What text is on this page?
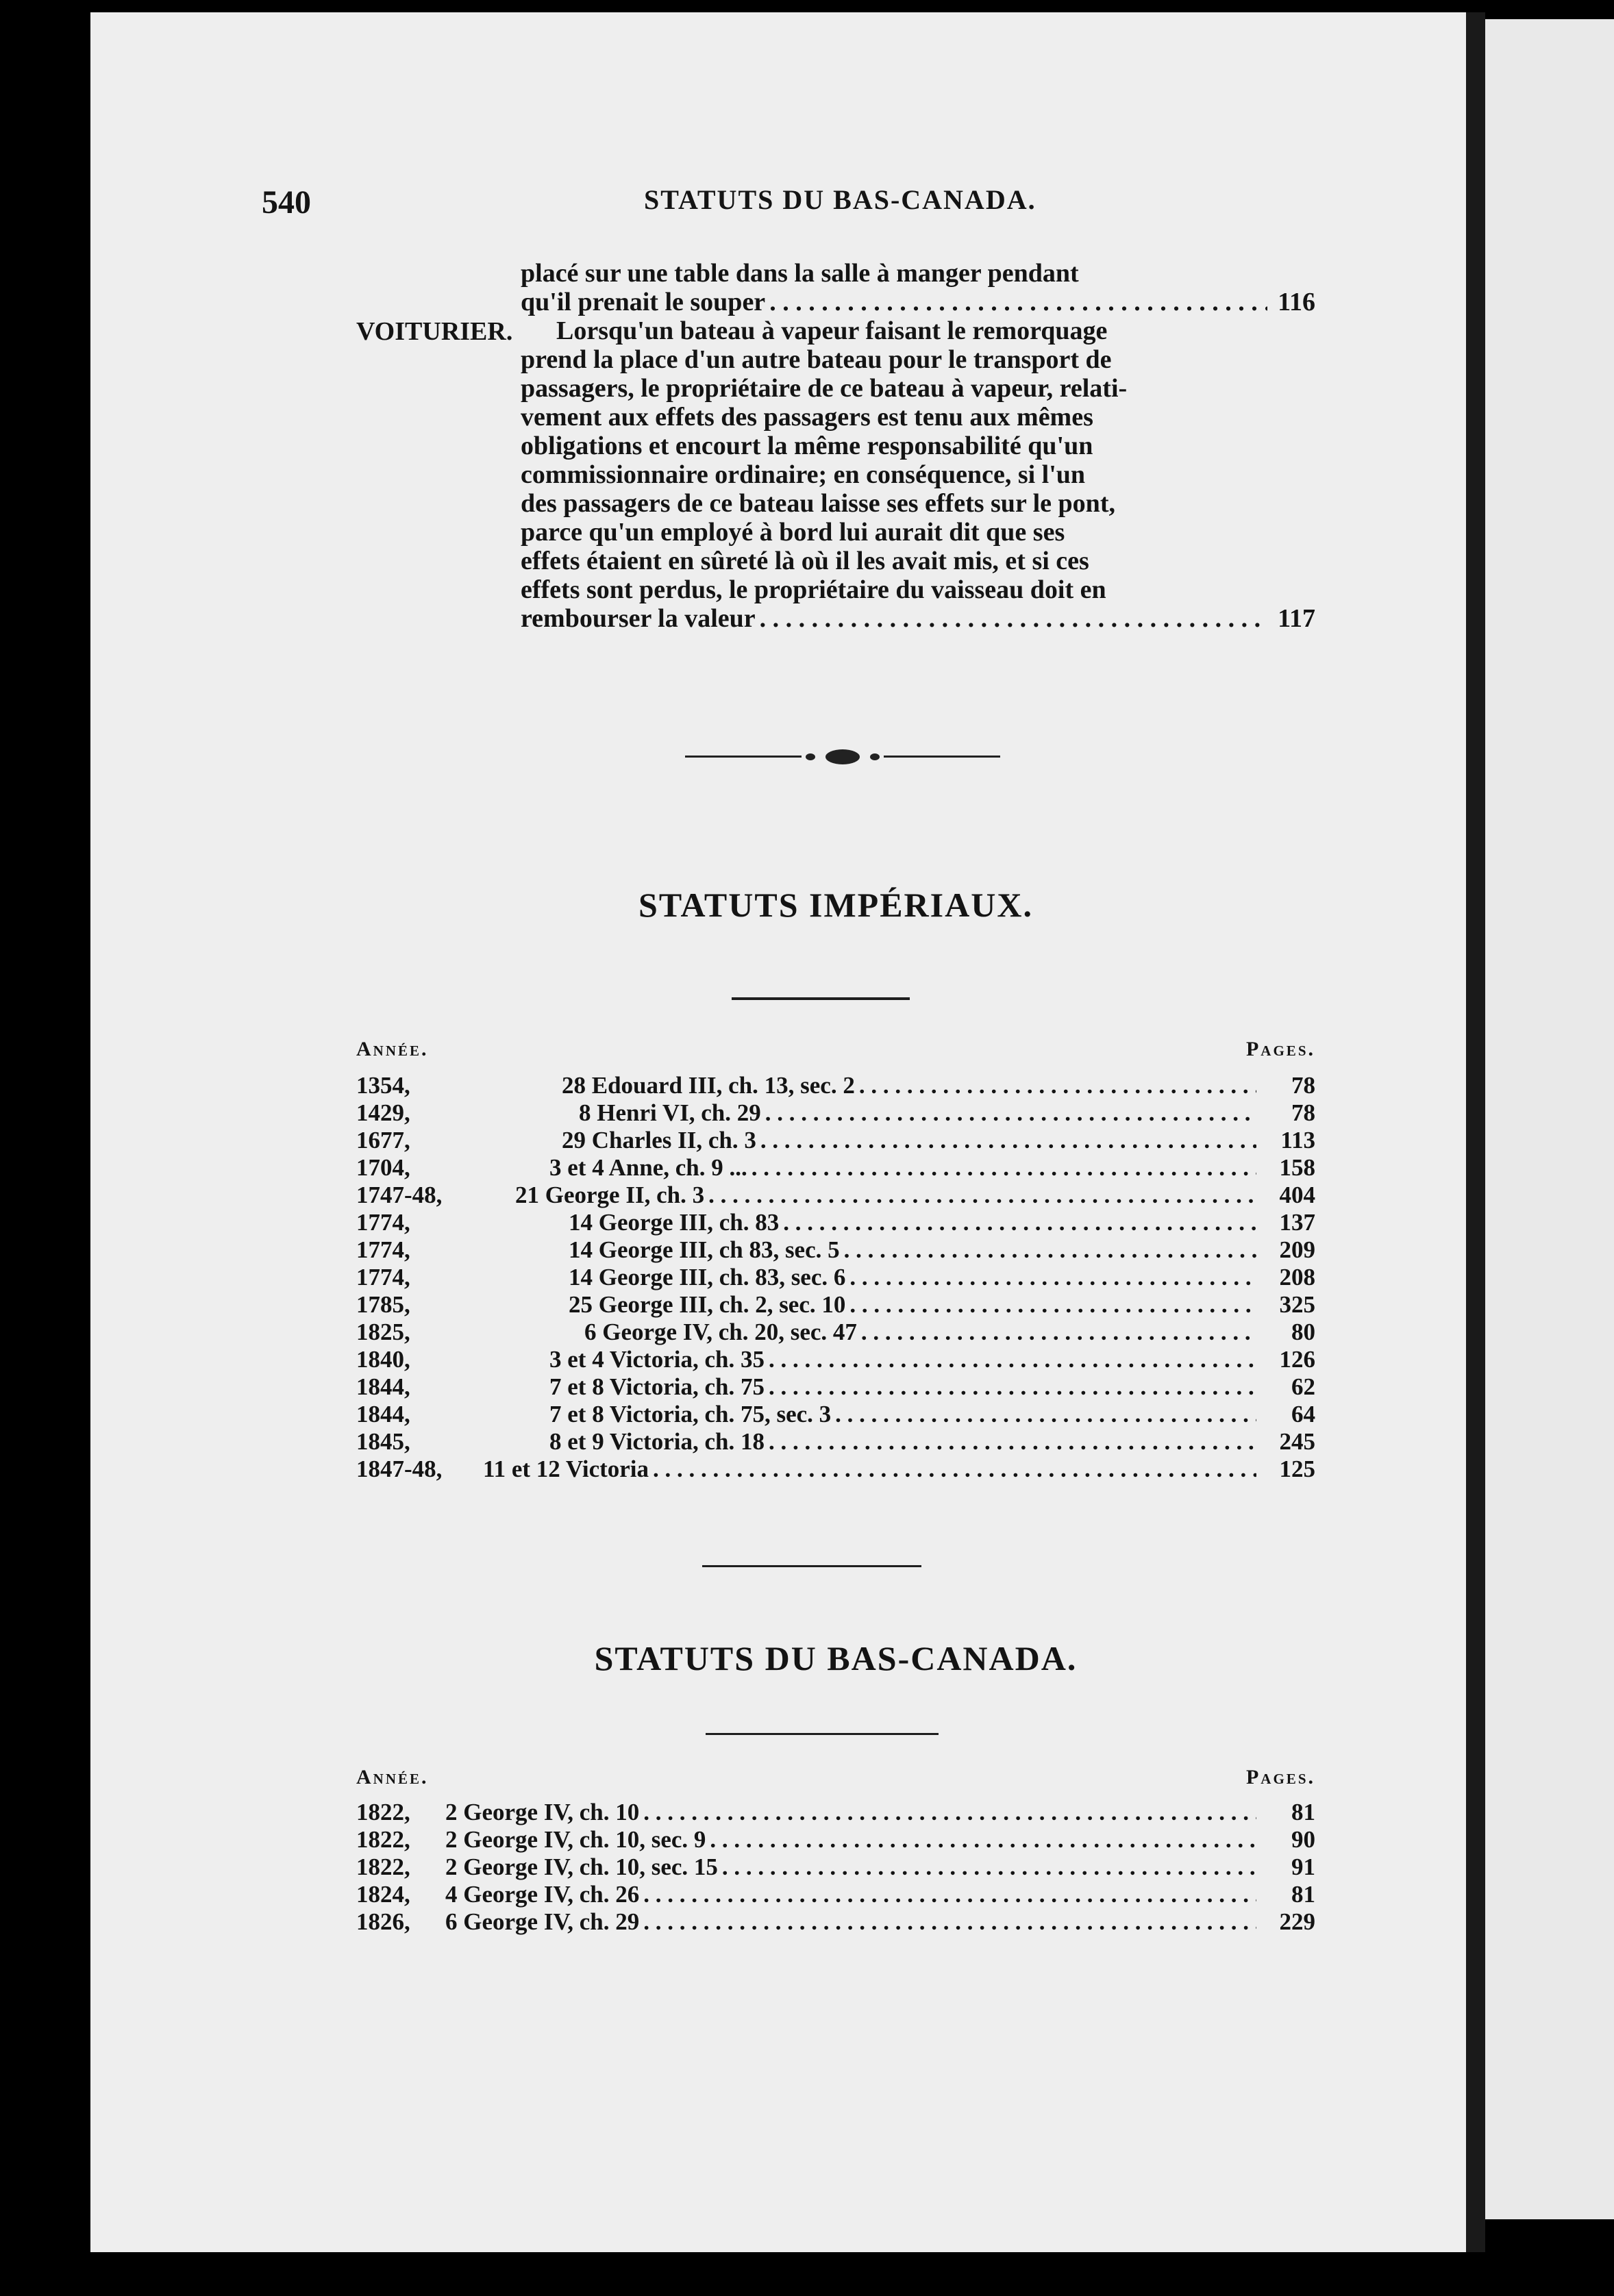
540	STATUTS DU BAS-CANADA.
placé sur une table dans la salle à manger pendant
qu'il prenait le souper . . .	116
VOITURIER.	Lorsqu'un bateau à vapeur faisant le remorquage
prend la place d'un autre bateau pour le transport de
passagers, le propriétaire de ce bateau à vapeur, relati-
vement aux effets des passagers est tenu aux mêmes
obligations et encourt la même responsabilité qu'un
commissionnaire ordinaire; en conséquence, si l'un
des passagers de ce bateau laisse ses effets sur le pont,
parce qu'un employé à bord lui aurait dit que ses
effets étaient en sûreté là où il les avait mis, et si ces
effets sont perdus, le propriétaire du vaisseau doit en
rembourser la valeur . . .	117
STATUTS IMPÉRIAUX.
Année.	Pages.
1354,	28 Edouard III, ch. 13, sec. 2 . . .	78
1429,	8 Henri VI, ch. 29 . . .	78
1677,	29 Charles II, ch. 3 . . .	113
1704,	3 et 4 Anne, ch. 9 ... . . .	158
1747-48,	21 George II, ch. 3 . . .	404
1774,	14 George III, ch. 83 . . .	137
1774,	14 George III, ch 83, sec. 5 . . .	209
1774,	14 George III, ch. 83, sec. 6 . . .	208
1785,	25 George III, ch. 2, sec. 10 . . .	325
1825,	6 George IV, ch. 20, sec. 47 . . .	80
1840,	3 et 4 Victoria, ch. 35 . . .	126
1844,	7 et 8 Victoria, ch. 75 . . .	62
1844,	7 et 8 Victoria, ch. 75, sec. 3 . . .	64
1845,	8 et 9 Victoria, ch. 18 . . .	245
1847-48,	11 et 12 Victoria . . .	125
STATUTS DU BAS-CANADA.
Année.	Pages.
1822,	2 George IV, ch. 10 . . .	81
1822,	2 George IV, ch. 10, sec. 9 . . .	90
1822,	2 George IV, ch. 10, sec. 15 . . .	91
1824,	4 George IV, ch. 26 . . .	81
1826,	6 George IV, ch. 29 . . .	229
